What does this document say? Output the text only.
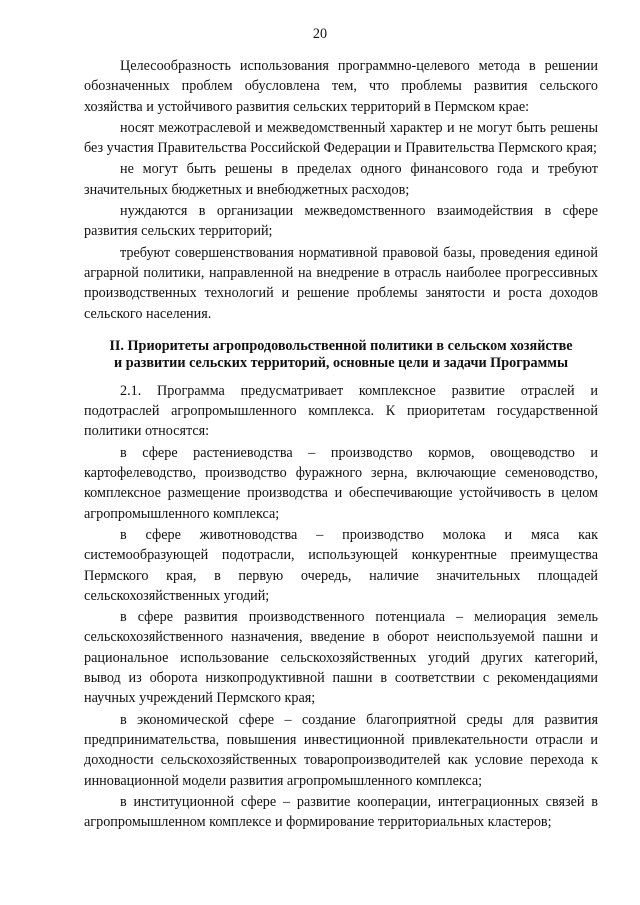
20

Целесообразность использования программно-целевого метода в решении обозначенных проблем обусловлена тем, что проблемы развития сельского хозяйства и устойчивого развития сельских территорий в Пермском крае:

носят межотраслевой и межведомственный характер и не могут быть решены без участия Правительства Российской Федерации и Правительства Пермского края;

не могут быть решены в пределах одного финансового года и требуют значительных бюджетных и внебюджетных расходов;

нуждаются в организации межведомственного взаимодействия в сфере развития сельских территорий;

требуют совершенствования нормативной правовой базы, проведения единой аграрной политики, направленной на внедрение в отрасль наиболее прогрессивных производственных технологий и решение проблемы занятости и роста доходов сельского населения.

II. Приоритеты агропродовольственной политики в сельском хозяйстве
и развитии сельских территорий, основные цели и задачи Программы

2.1. Программа предусматривает комплексное развитие отраслей и подотраслей агропромышленного комплекса. К приоритетам государственной политики относятся:

в сфере растениеводства – производство кормов, овощеводство и картофелеводство, производство фуражного зерна, включающие семеноводство, комплексное размещение производства и обеспечивающие устойчивость в целом агропромышленного комплекса;

в сфере животноводства – производство молока и мяса как системообразующей подотрасли, использующей конкурентные преимущества Пермского края, в первую очередь, наличие значительных площадей сельскохозяйственных угодий;

в сфере развития производственного потенциала – мелиорация земель сельскохозяйственного назначения, введение в оборот неиспользуемой пашни и рациональное использование сельскохозяйственных угодий других категорий, вывод из оборота низкопродуктивной пашни в соответствии с рекомендациями научных учреждений Пермского края;

в экономической сфере – создание благоприятной среды для развития предпринимательства, повышения инвестиционной привлекательности отрасли и доходности сельскохозяйственных товаропроизводителей как условие перехода к инновационной модели развития агропромышленного комплекса;

в институционной сфере – развитие кооперации, интеграционных связей в агропромышленном комплексе и формирование территориальных кластеров;
